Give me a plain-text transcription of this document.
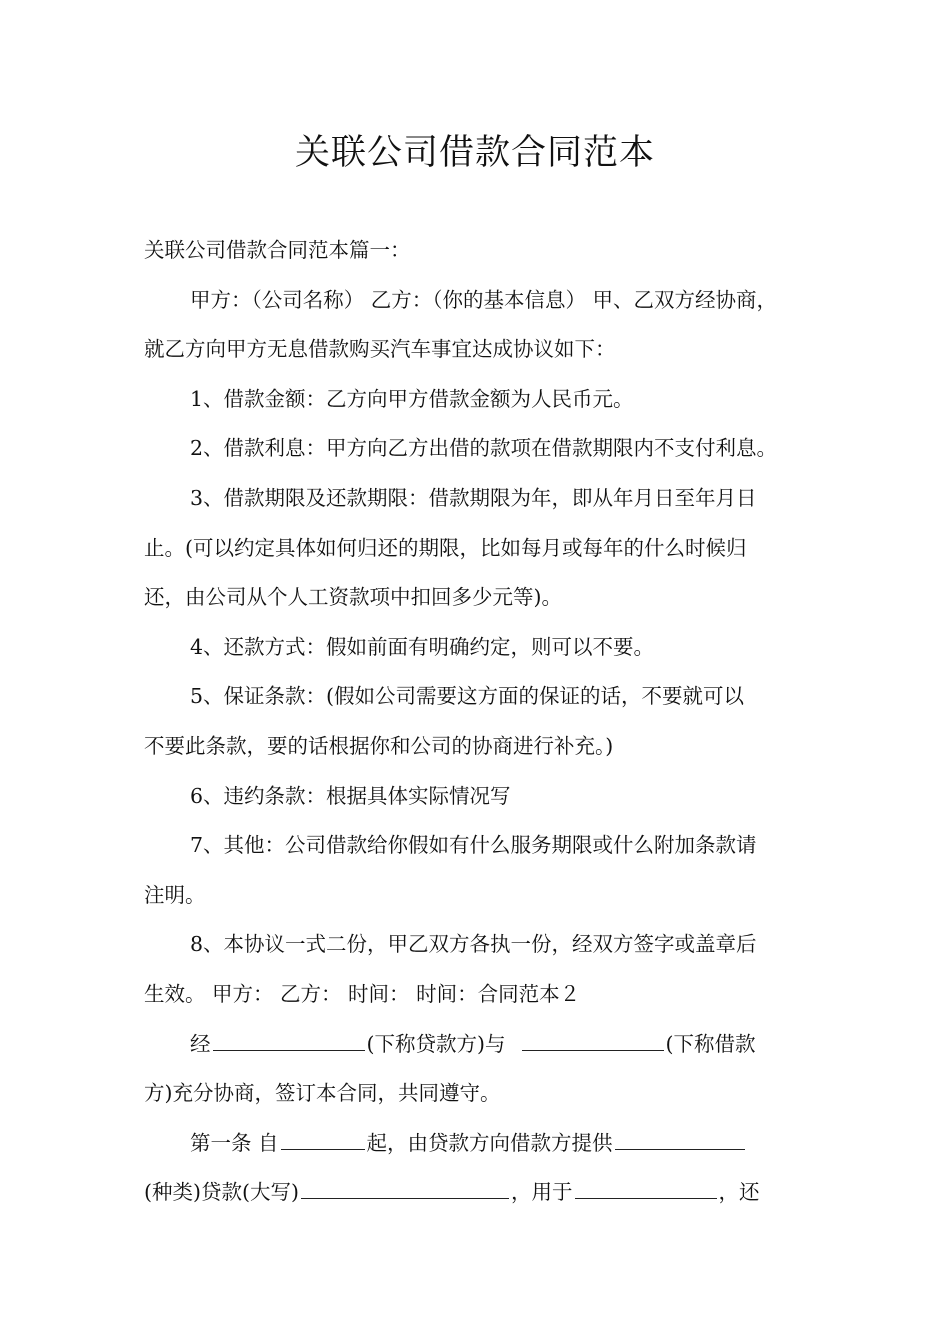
关联公司借款合同范本

关联公司借款合同范本篇一：

甲方：（公司名称） 乙方：（你的基本信息） 甲、乙双方经协商，

就乙方向甲方无息借款购买汽车事宜达成协议如下：

1、借款金额：乙方向甲方借款金额为人民币元。

2、借款利息：甲方向乙方出借的款项在借款期限内不支付利息。

3、借款期限及还款期限：借款期限为年，即从年月日至年月日

止。(可以约定具体如何归还的期限，比如每月或每年的什么时候归

还，由公司从个人工资款项中扣回多少元等)。

4、还款方式：假如前面有明确约定，则可以不要。

5、保证条款：(假如公司需要这方面的保证的话，不要就可以

不要此条款，要的话根据你和公司的协商进行补充。)

6、违约条款：根据具体实际情况写

7、其他：公司借款给你假如有什么服务期限或什么附加条款请

注明。

8、本协议一式二份，甲乙双方各执一份，经双方签字或盖章后

生效。 甲方： 乙方： 时间： 时间：合同范本２

经	(下称贷款方)与	(下称借款

方)充分协商，签订本合同，共同遵守。

第一条 自	起，由贷款方向借款方提供

(种类)贷款(大写)	，用于	，还
